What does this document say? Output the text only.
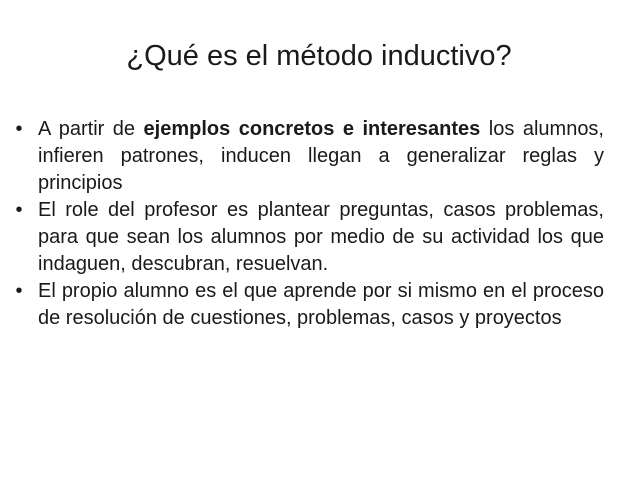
¿Qué es el método inductivo?
• A partir de ejemplos concretos e interesantes los alumnos, infieren patrones, inducen llegan a generalizar reglas y principios
• El role del profesor es plantear preguntas, casos problemas, para que sean los alumnos por medio de su actividad los que indaguen, descubran, resuelvan.
• El propio alumno es el que aprende por si mismo en el proceso de resolución de cuestiones, problemas, casos y proyectos
